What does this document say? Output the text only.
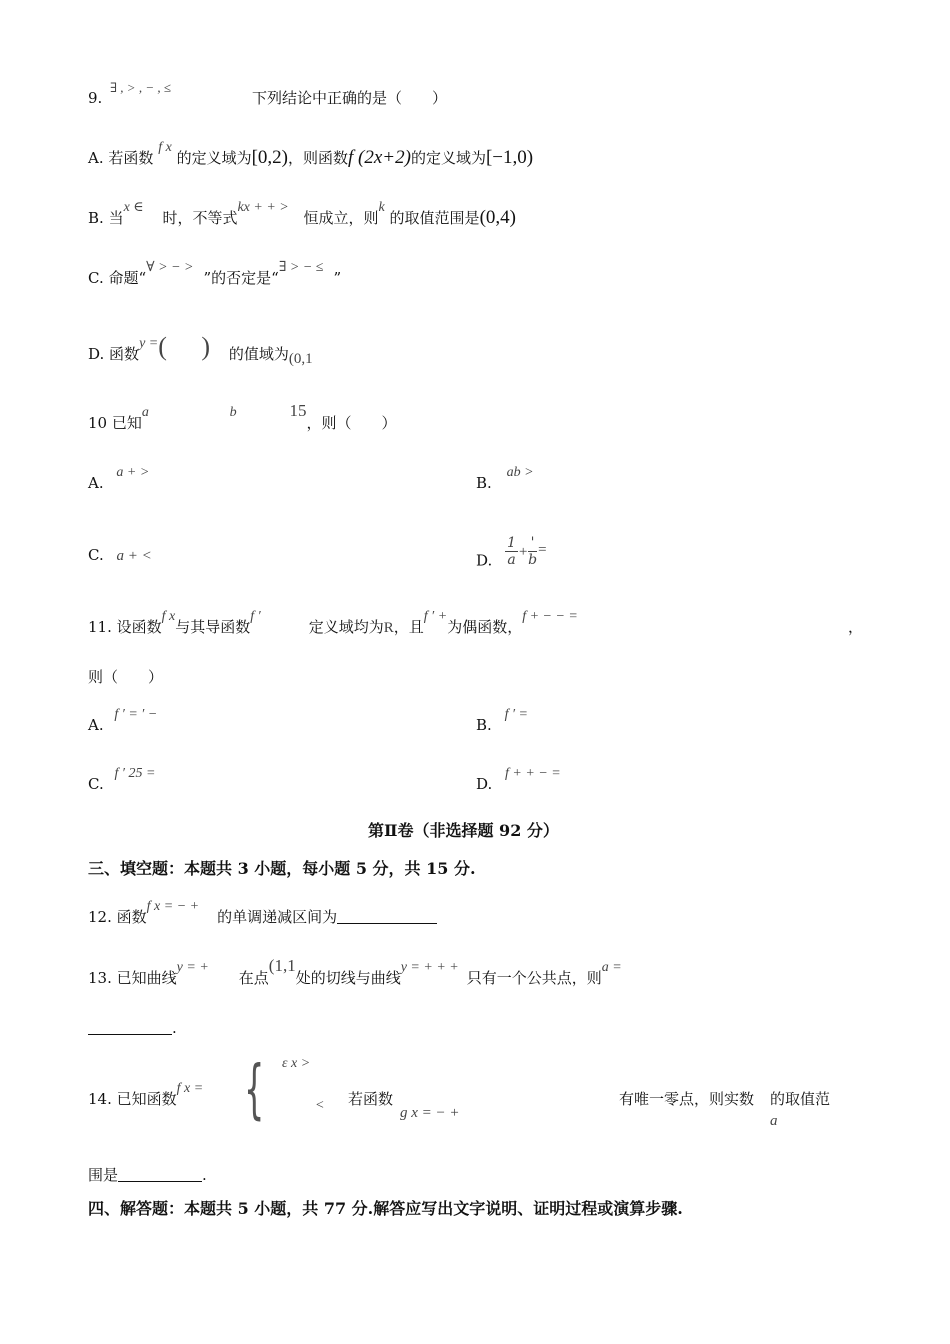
9.
∃ , > , − , ≤
下列结论中正确的是（　　）
A. 若函数 f x 的定义域为[0,2)，则函数f (2x+2)的定义域为[−1,0)
B. 当x ∈ 时，不等式kx + + > 恒成立，则k 的取值范围是(0,4)
C. 命题“∀ > − >”的否定是“∃ > − ≤”
D. 函数y =( ) 的值域为(0,1
10 已知a	b	15，则（　　）
A. a + >
B. ab >
C. a + <	D. $\frac{1}{a} + \frac{'}{b}$ =
11. 设函数f x与其导函数f ′定义域均为R，且f ′ +为偶函数，f + − − =
，
则（　　）
A. f ′ = ′ −
B. f ′ =
C. f ′ 25 =
D. f + + − =
第Ⅱ卷（非选择题 92 分）
三、填空题：本题共 3 小题，每小题 5 分，共 15 分.
12. 函数f x = − +的单调递减区间为
13. 已知曲线y = +在点(1,1处的切线与曲线y = + + +只有一个公共点，则a =
.
14. 已知函数f x = { ε x >
< 若函数
g x = − +
有唯一零点，则实数 的取值范
a
围是	.
四、解答题：本题共 5 小题，共 77 分.解答应写出文字说明、证明过程或演算步骤.
